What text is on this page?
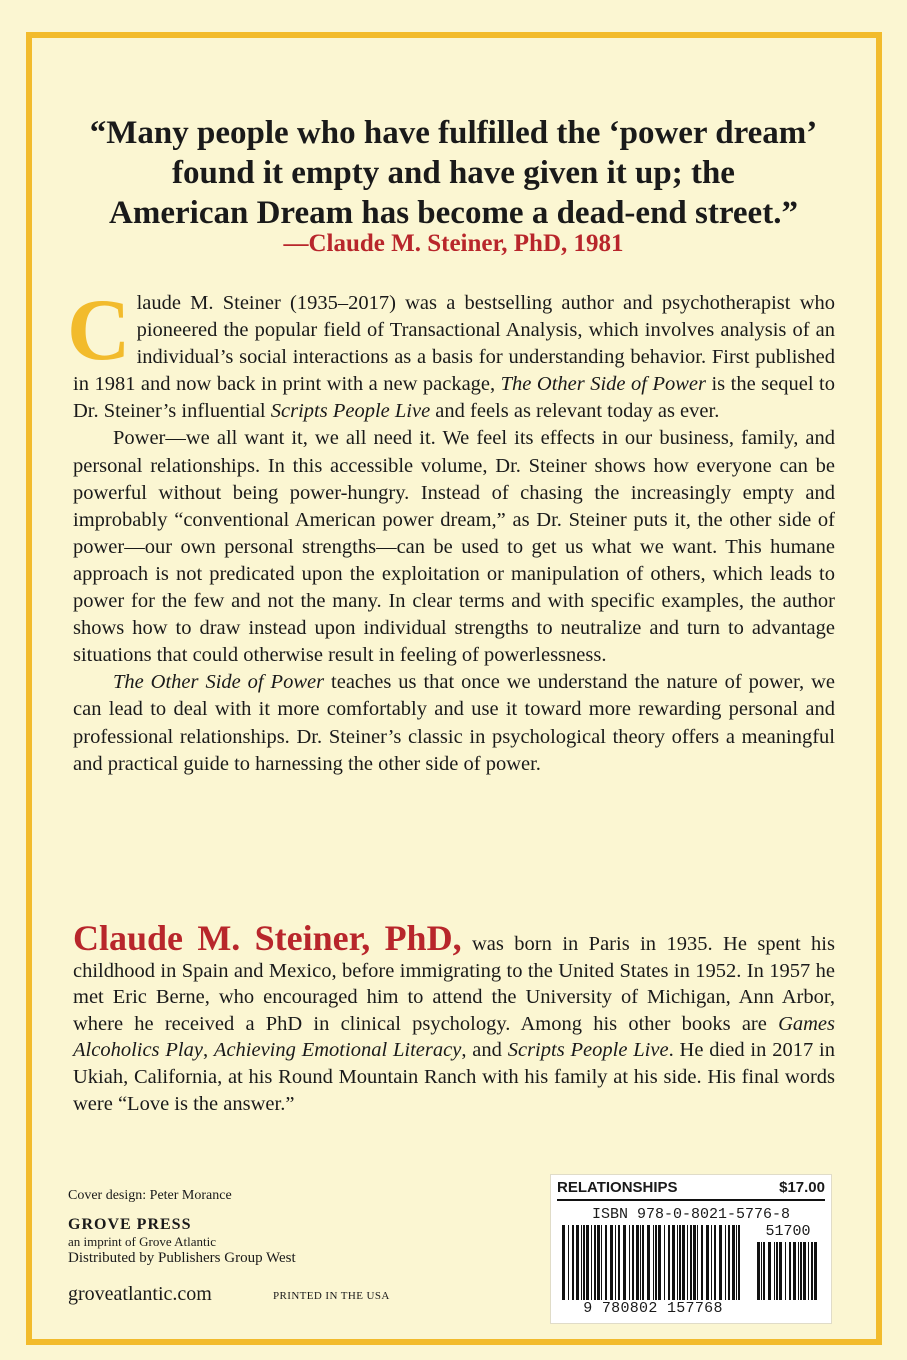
“Many people who have fulfilled the ‘power dream’
found it empty and have given it up; the
American Dream has become a dead-end street.”
—Claude M. Steiner, PhD, 1981

Claude M. Steiner (1935–2017) was a bestselling author and psychotherapist who pioneered the popular field of Transactional Analysis, which involves analysis of an individual’s social interactions as a basis for understanding behavior. First published in 1981 and now back in print with a new package, The Other Side of Power is the sequel to Dr. Steiner’s influential Scripts People Live and feels as relevant today as ever.

Power—we all want it, we all need it. We feel its effects in our business, family, and personal relationships. In this accessible volume, Dr. Steiner shows how everyone can be powerful without being power-hungry. Instead of chasing the increasingly empty and improbably “conventional American power dream,” as Dr. Steiner puts it, the other side of power—our own personal strengths—can be used to get us what we want. This humane approach is not predicated upon the exploitation or manipulation of others, which leads to power for the few and not the many. In clear terms and with specific examples, the author shows how to draw instead upon individual strengths to neutralize and turn to advantage situations that could otherwise result in feeling of powerlessness.

The Other Side of Power teaches us that once we understand the nature of power, we can lead to deal with it more comfortably and use it toward more rewarding personal and professional relationships. Dr. Steiner’s classic in psychological theory offers a meaningful and practical guide to harnessing the other side of power.

Claude M. Steiner, PhD, was born in Paris in 1935. He spent his childhood in Spain and Mexico, before immigrating to the United States in 1952. In 1957 he met Eric Berne, who encouraged him to attend the University of Michigan, Ann Arbor, where he received a PhD in clinical psychology. Among his other books are Games Alcoholics Play, Achieving Emotional Literacy, and Scripts People Live. He died in 2017 in Ukiah, California, at his Round Mountain Ranch with his family at his side. His final words were “Love is the answer.”

Cover design: Peter Morance
GROVE PRESS
an imprint of Grove Atlantic
Distributed by Publishers Group West
groveatlantic.com	PRINTED IN THE USA
RELATIONSHIPS	$17.00
ISBN 978-0-8021-5776-8
51700
9 780802 157768
